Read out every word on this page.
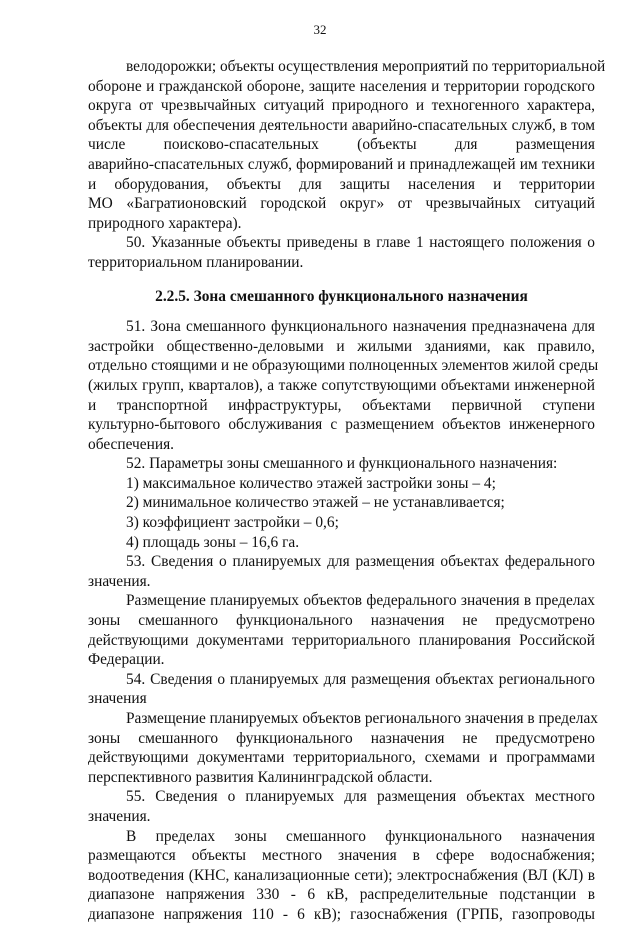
32
велодорожки; объекты осуществления мероприятий по территориальной
обороне и гражданской обороне, защите населения и территории городского
округа от чрезвычайных ситуаций природного и техногенного характера,
объекты для обеспечения деятельности аварийно-спасательных служб, в том
числе поисково-спасательных (объекты для размещения
аварийно-спасательных служб, формирований и принадлежащей им техники
и оборудования, объекты для защиты населения и территории
МО «Багратионовский городской округ» от чрезвычайных ситуаций
природного характера).
50. Указанные объекты приведены в главе 1 настоящего положения о
территориальном планировании.
2.2.5. Зона смешанного функционального назначения
51. Зона смешанного функционального назначения предназначена для
застройки общественно-деловыми и жилыми зданиями, как правило,
отдельно стоящими и не образующими полноценных элементов жилой среды
(жилых групп, кварталов), а также сопутствующими объектами инженерной
и транспортной инфраструктуры, объектами первичной ступени
культурно-бытового обслуживания с размещением объектов инженерного
обеспечения.
52. Параметры зоны смешанного и функционального назначения:
1) максимальное количество этажей застройки зоны – 4;
2) минимальное количество этажей – не устанавливается;
3) коэффициент застройки – 0,6;
4) площадь зоны – 16,6 га.
53. Сведения о планируемых для размещения объектах федерального
значения.
Размещение планируемых объектов федерального значения в пределах
зоны смешанного функционального назначения не предусмотрено
действующими документами территориального планирования Российской
Федерации.
54. Сведения о планируемых для размещения объектах регионального
значения
Размещение планируемых объектов регионального значения в пределах
зоны смешанного функционального назначения не предусмотрено
действующими документами территориального, схемами и программами
перспективного развития Калининградской области.
55. Сведения о планируемых для размещения объектах местного
значения.
В пределах зоны смешанного функционального назначения
размещаются объекты местного значения в сфере водоснабжения;
водоотведения (КНС, канализационные сети); электроснабжения (ВЛ (КЛ) в
диапазоне напряжения 330 - 6 кВ, распределительные подстанции в
диапазоне напряжения 110 - 6 кВ); газоснабжения (ГРПБ, газопроводы
